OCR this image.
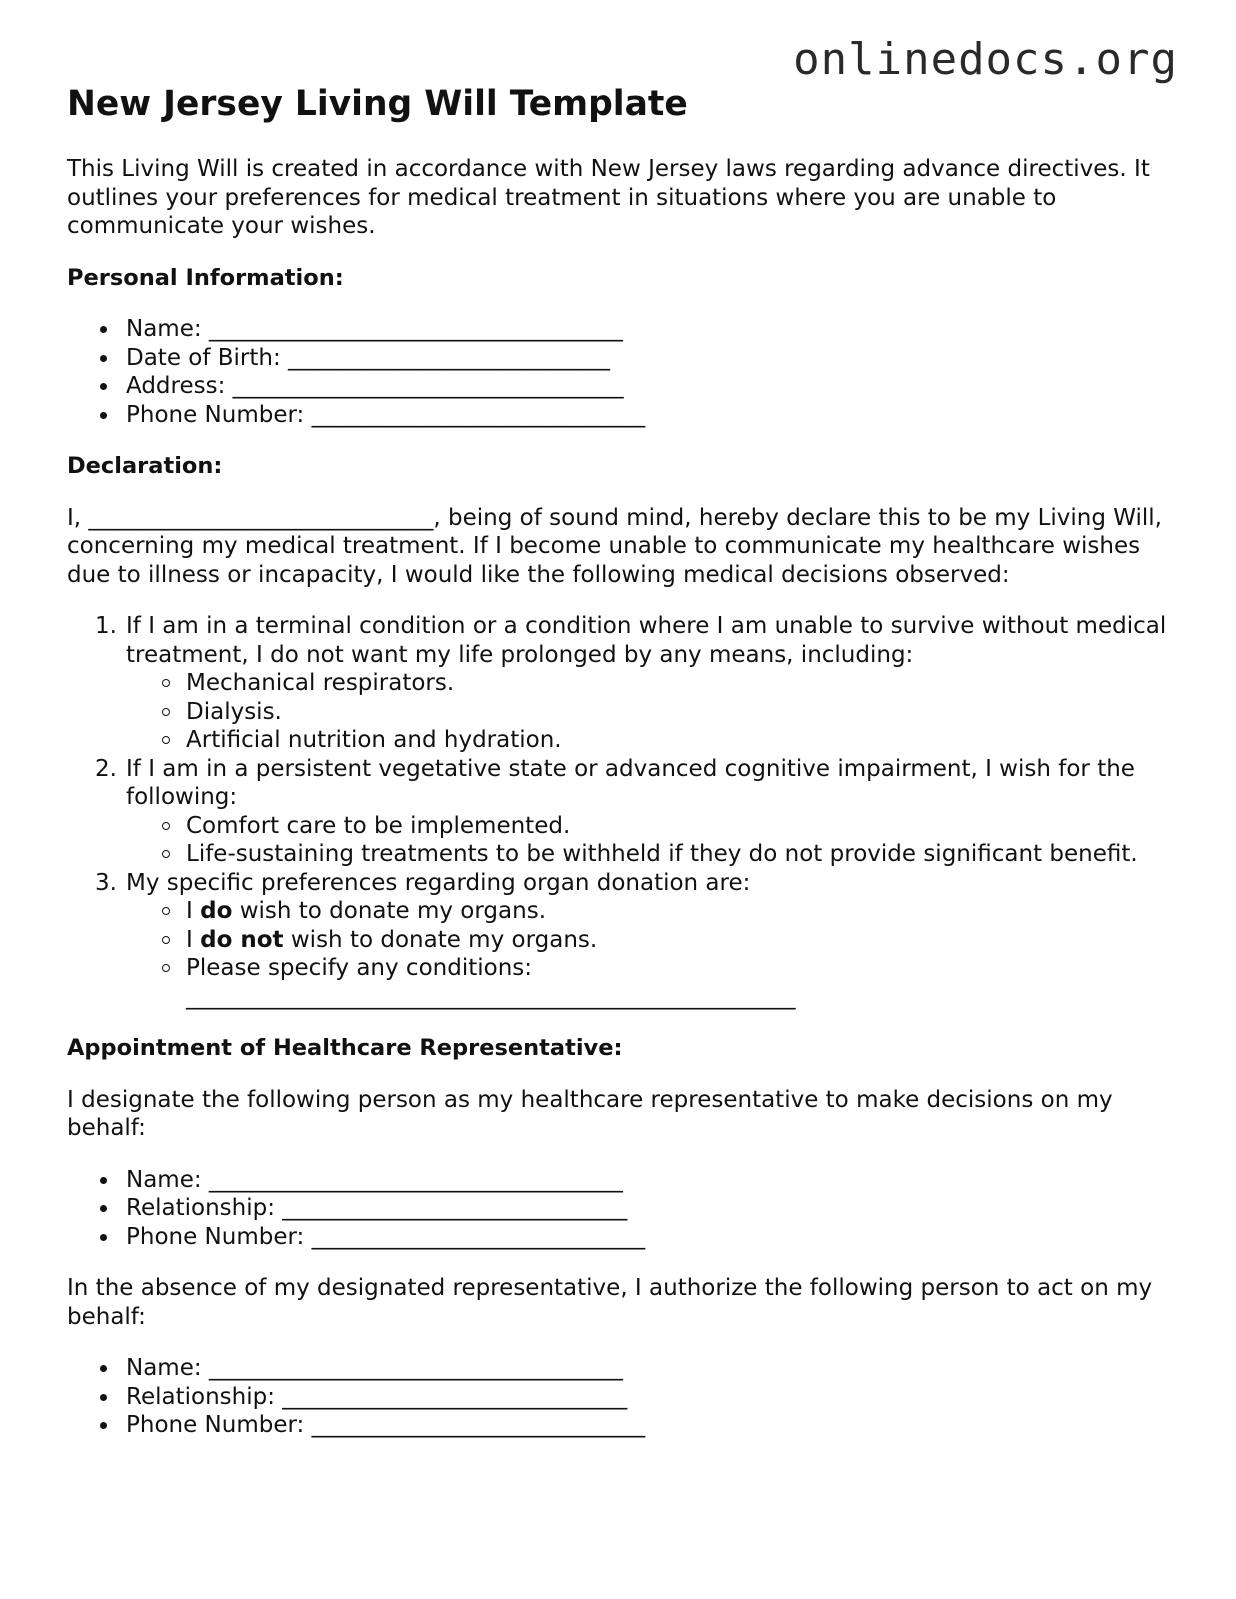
onlinedocs.org
New Jersey Living Will Template

This Living Will is created in accordance with New Jersey laws regarding advance directives. It outlines your preferences for medical treatment in situations where you are unable to communicate your wishes.

Personal Information:

Name: ____________________________________
Date of Birth: ____________________________
Address: __________________________________
Phone Number: _____________________________

Declaration:

I, ______________________________, being of sound mind, hereby declare this to be my Living Will, concerning my medical treatment. If I become unable to communicate my healthcare wishes due to illness or incapacity, I would like the following medical decisions observed:

1. If I am in a terminal condition or a condition where I am unable to survive without medical treatment, I do not want my life prolonged by any means, including:
Mechanical respirators.
Dialysis.
Artificial nutrition and hydration.
2. If I am in a persistent vegetative state or advanced cognitive impairment, I wish for the following:
Comfort care to be implemented.
Life-sustaining treatments to be withheld if they do not provide significant benefit.
3. My specific preferences regarding organ donation are:
I do wish to donate my organs.
I do not wish to donate my organs.
Please specify any conditions:
_____________________________________________________

Appointment of Healthcare Representative:

I designate the following person as my healthcare representative to make decisions on my behalf:

Name: ____________________________________
Relationship: ______________________________
Phone Number: _____________________________

In the absence of my designated representative, I authorize the following person to act on my behalf:

Name: ____________________________________
Relationship: ______________________________
Phone Number: _____________________________
